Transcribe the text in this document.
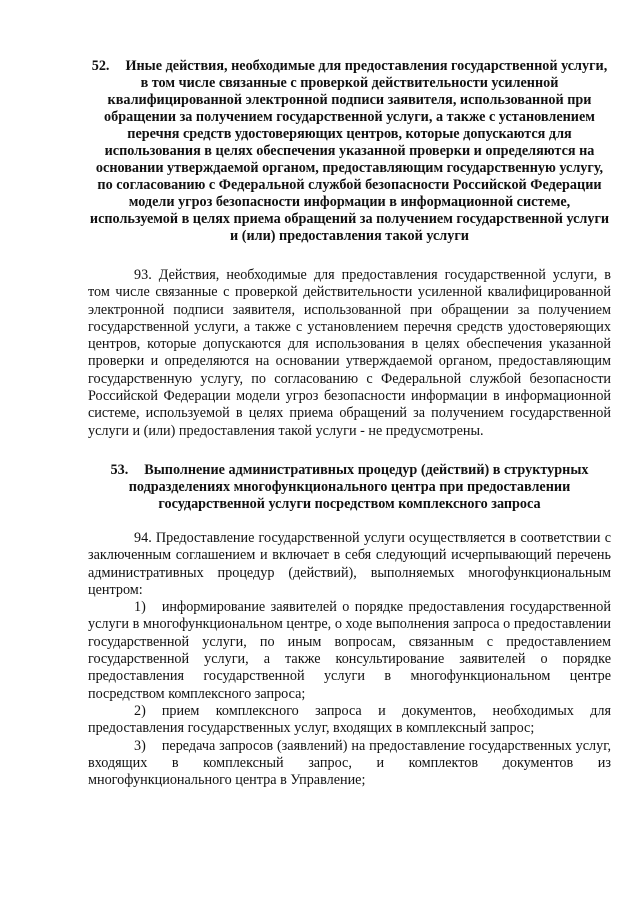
52. Иные действия, необходимые для предоставления государственной услуги, в том числе связанные с проверкой действительности усиленной квалифицированной электронной подписи заявителя, использованной при обращении за получением государственной услуги, а также с установлением перечня средств удостоверяющих центров, которые допускаются для использования в целях обеспечения указанной проверки и определяются на основании утверждаемой органом, предоставляющим государственную услугу, по согласованию с Федеральной службой безопасности Российской Федерации модели угроз безопасности информации в информационной системе, используемой в целях приема обращений за получением государственной услуги и (или) предоставления такой услуги

93. Действия, необходимые для предоставления государственной услуги, в том числе связанные с проверкой действительности усиленной квалифицированной электронной подписи заявителя, использованной при обращении за получением государственной услуги, а также с установлением перечня средств удостоверяющих центров, которые допускаются для использования в целях обеспечения указанной проверки и определяются на основании утверждаемой органом, предоставляющим государственную услугу, по согласованию с Федеральной службой безопасности Российской Федерации модели угроз безопасности информации в информационной системе, используемой в целях приема обращений за получением государственной услуги и (или) предоставления такой услуги - не предусмотрены.

53. Выполнение административных процедур (действий) в структурных подразделениях многофункционального центра при предоставлении государственной услуги посредством комплексного запроса

94. Предоставление государственной услуги осуществляется в соответствии с заключенным соглашением и включает в себя следующий исчерпывающий перечень административных процедур (действий), выполняемых многофункциональным центром:

1) информирование заявителей о порядке предоставления государственной услуги в многофункциональном центре, о ходе выполнения запроса о предоставлении государственной услуги, по иным вопросам, связанным с предоставлением государственной услуги, а также консультирование заявителей о порядке предоставления государственной услуги в многофункциональном центре посредством комплексного запроса;

2) прием комплексного запроса и документов, необходимых для предоставления государственных услуг, входящих в комплексный запрос;

3) передача запросов (заявлений) на предоставление государственных услуг, входящих в комплексный запрос, и комплектов документов из многофункционального центра в Управление;
